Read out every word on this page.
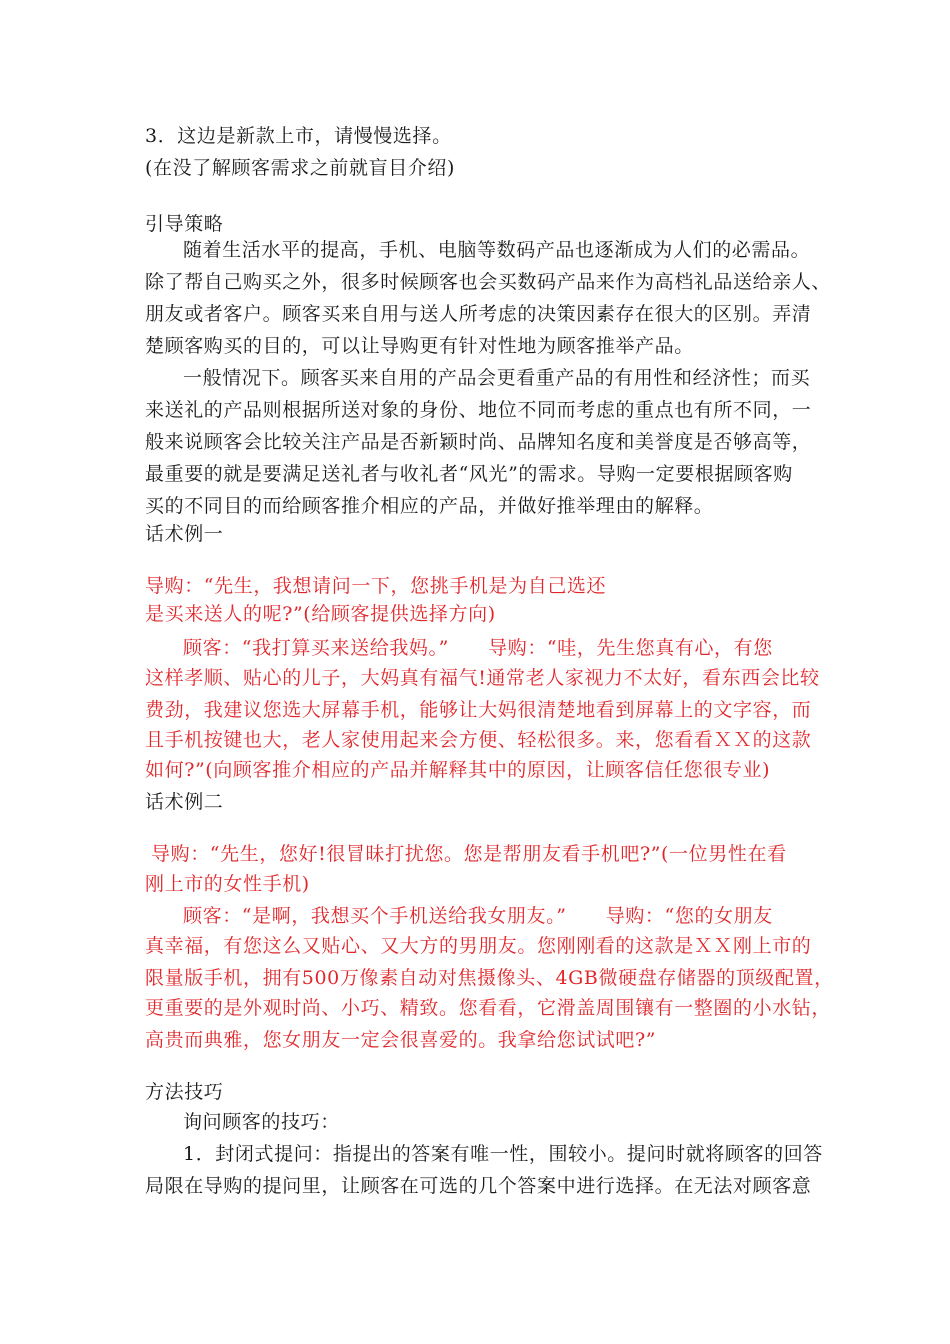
3．这边是新款上市，请慢慢选择。
(在没了解顾客需求之前就盲目介绍)
引导策略
随着生活水平的提高，手机、电脑等数码产品也逐渐成为人们的必需品。
除了帮自己购买之外，很多时候顾客也会买数码产品来作为高档礼品送给亲人、
朋友或者客户。顾客买来自用与送人所考虑的决策因素存在很大的区别。弄清
楚顾客购买的目的，可以让导购更有针对性地为顾客推举产品。
一般情况下。顾客买来自用的产品会更看重产品的有用性和经济性；而买
来送礼的产品则根据所送对象的身份、地位不同而考虑的重点也有所不同，一
般来说顾客会比较关注产品是否新颖时尚、品牌知名度和美誉度是否够高等，
最重要的就是要满足送礼者与收礼者“风光”的需求。导购一定要根据顾客购
买的不同目的而给顾客推介相应的产品，并做好推举理由的解释。
话术例一
导购：“先生，我想请问一下，您挑手机是为自己选还
是买来送人的呢?”(给顾客提供选择方向)
顾客：“我打算买来送给我妈。”　　导购：“哇，先生您真有心，有您
这样孝顺、贴心的儿子，大妈真有福气!通常老人家视力不太好，看东西会比较
费劲，我建议您选大屏幕手机，能够让大妈很清楚地看到屏幕上的文字容，而
且手机按键也大，老人家使用起来会方便、轻松很多。来，您看看ＸＸ的这款
如何?”(向顾客推介相应的产品并解释其中的原因，让顾客信任您很专业)
话术例二
导购：“先生，您好!很冒昧打扰您。您是帮朋友看手机吧?”(一位男性在看
刚上市的女性手机)
顾客：“是啊，我想买个手机送给我女朋友。”　　导购：“您的女朋友
真幸福，有您这么又贴心、又大方的男朋友。您刚刚看的这款是ＸＸ刚上市的
限量版手机，拥有500万像素自动对焦摄像头、4GB微硬盘存储器的顶级配置，
更重要的是外观时尚、小巧、精致。您看看，它滑盖周围镶有一整圈的小水钻，
高贵而典雅，您女朋友一定会很喜爱的。我拿给您试试吧?”
方法技巧
询问顾客的技巧：
1．封闭式提问：指提出的答案有唯一性，围较小。提问时就将顾客的回答
局限在导购的提问里，让顾客在可选的几个答案中进行选择。在无法对顾客意
